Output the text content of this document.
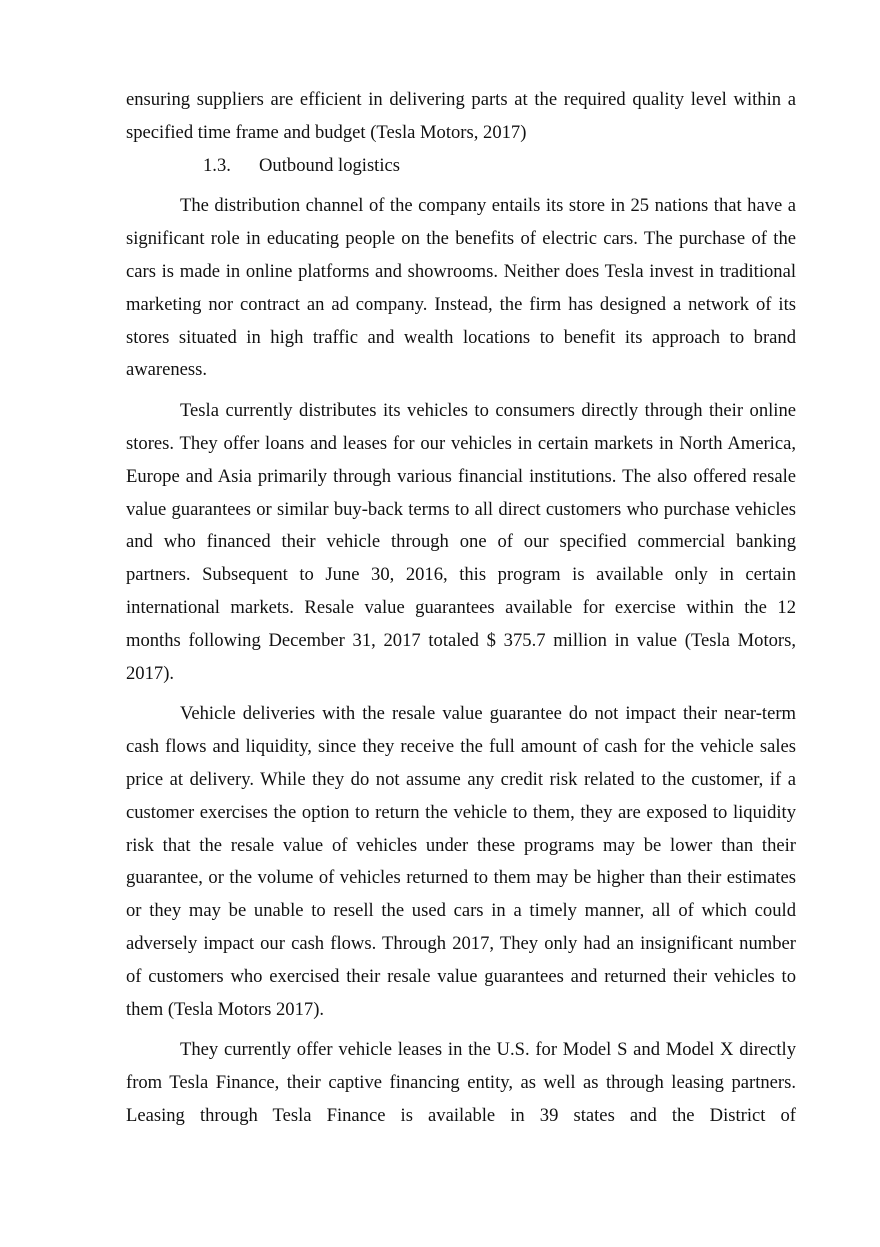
ensuring suppliers are efficient in delivering parts at the required quality level within a specified time frame and budget (Tesla Motors, 2017)

1.3.	Outbound logistics

The distribution channel of the company entails its store in 25 nations that have a significant role in educating people on the benefits of electric cars. The purchase of the cars is made in online platforms and showrooms. Neither does Tesla invest in traditional marketing nor contract an ad company. Instead, the firm has designed a network of its stores situated in high traffic and wealth locations to benefit its approach to brand awareness.

Tesla currently distributes its vehicles to consumers directly through their online stores. They offer loans and leases for our vehicles in certain markets in North America, Europe and Asia primarily through various financial institutions. The also offered resale value guarantees or similar buy-back terms to all direct customers who purchase vehicles and who financed their vehicle through one of our specified commercial banking partners. Subsequent to June 30, 2016, this program is available only in certain international markets. Resale value guarantees available for exercise within the 12 months following December 31, 2017 totaled $ 375.7 million in value (Tesla Motors, 2017).

Vehicle deliveries with the resale value guarantee do not impact their near-term cash flows and liquidity, since they receive the full amount of cash for the vehicle sales price at delivery. While they do not assume any credit risk related to the customer, if a customer exercises the option to return the vehicle to them, they are exposed to liquidity risk that the resale value of vehicles under these programs may be lower than their guarantee, or the volume of vehicles returned to them may be higher than their estimates or they may be unable to resell the used cars in a timely manner, all of which could adversely impact our cash flows. Through 2017, They only had an insignificant number of customers who exercised their resale value guarantees and returned their vehicles to them (Tesla Motors 2017).

They currently offer vehicle leases in the U.S. for Model S and Model X directly from Tesla Finance, their captive financing entity, as well as through leasing partners. Leasing through Tesla Finance is available in 39 states and the District of
